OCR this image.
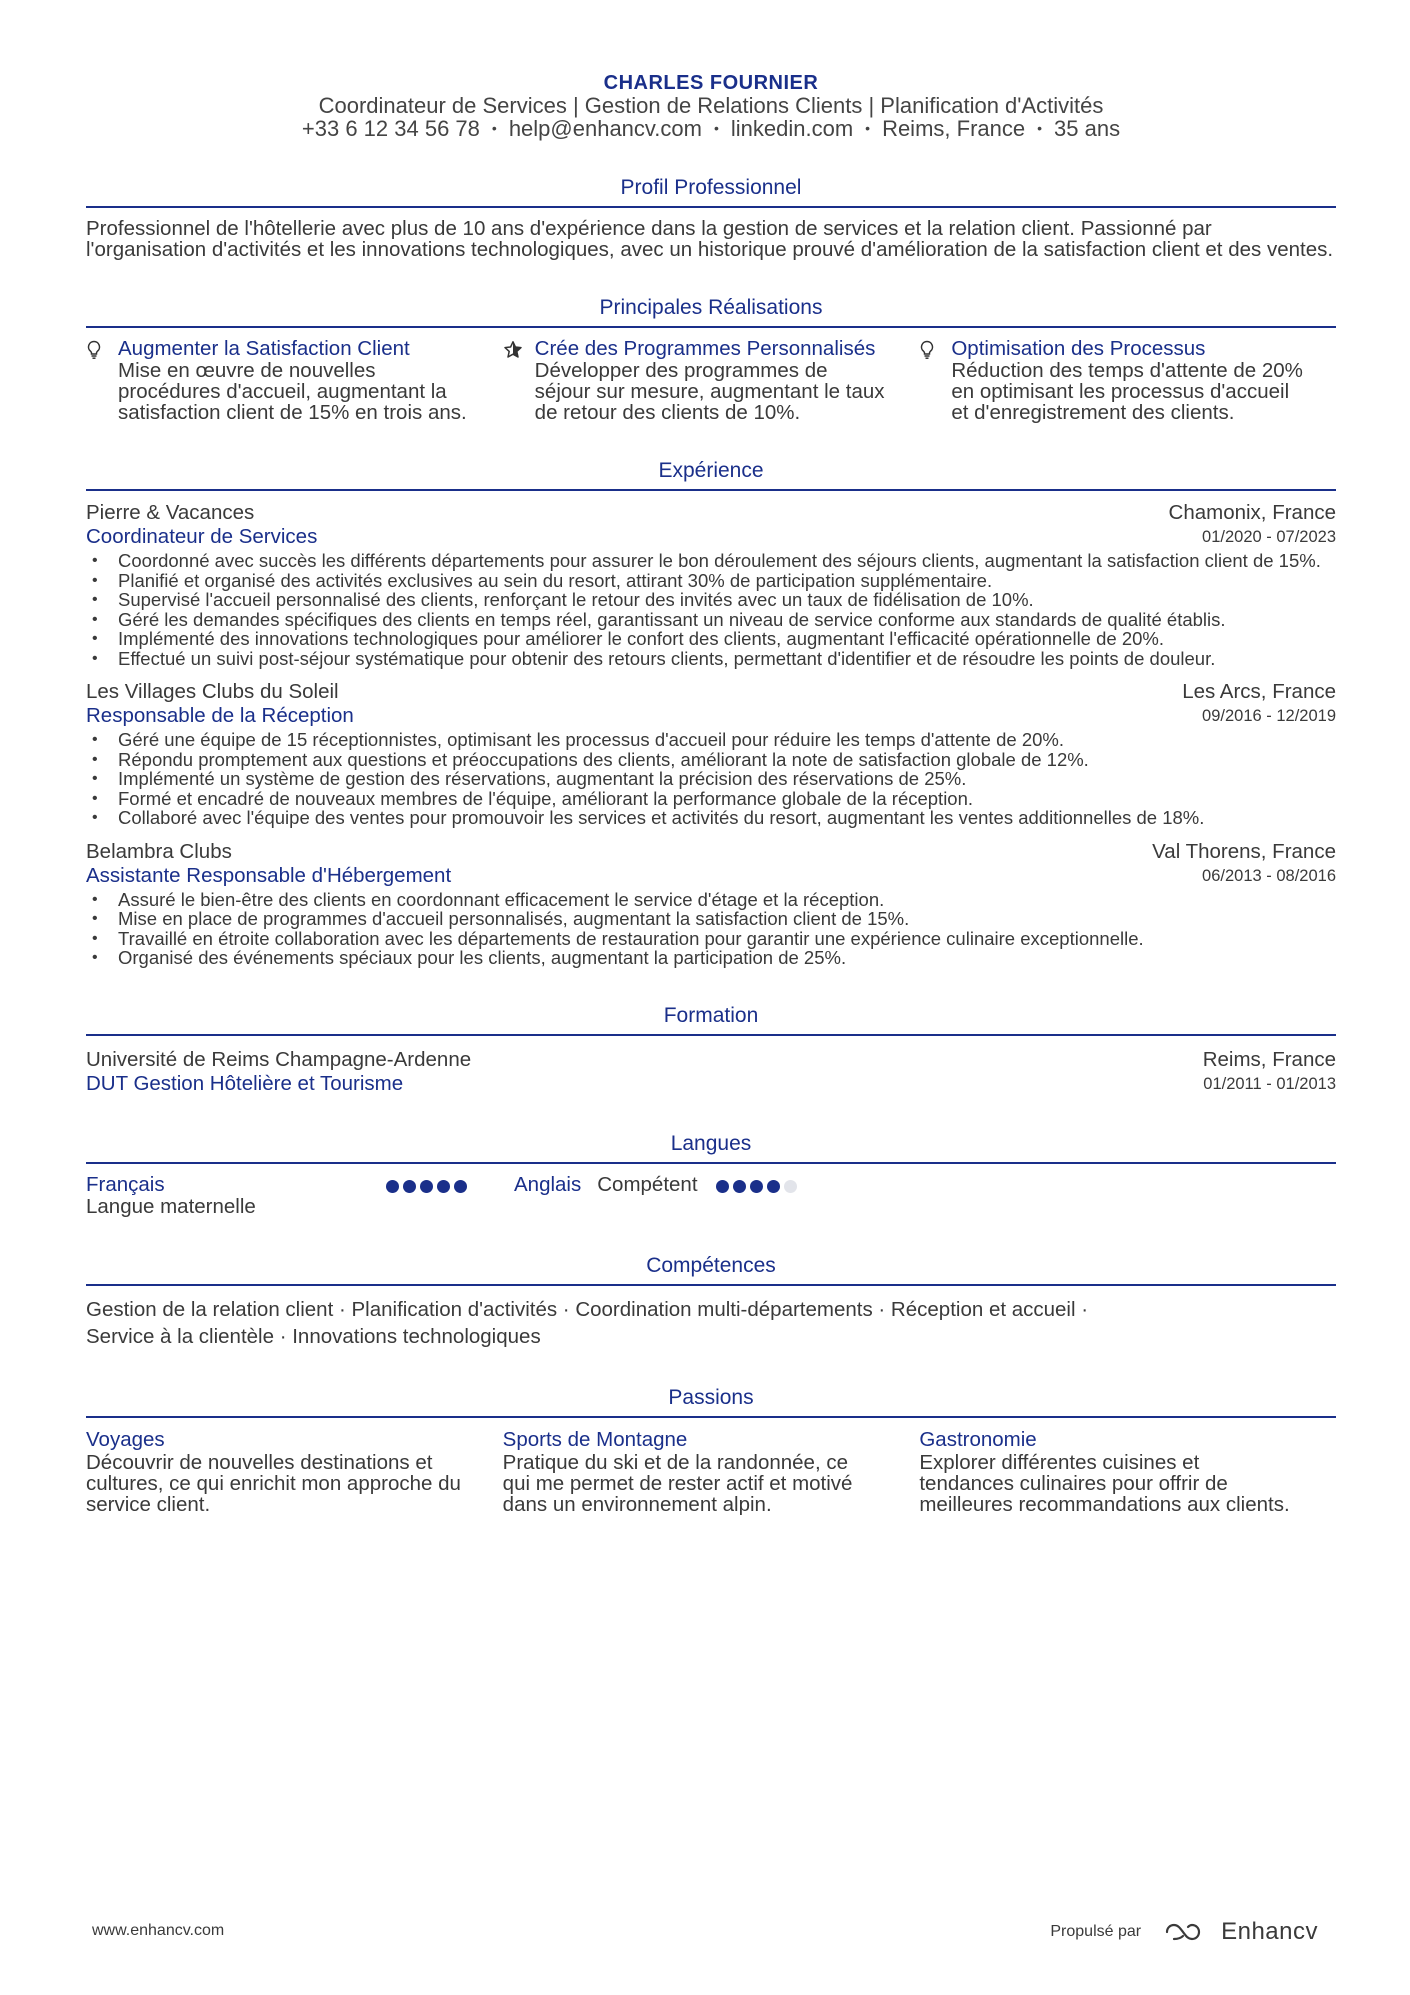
CHARLES FOURNIER
Coordinateur de Services | Gestion de Relations Clients | Planification d'Activités
+33 6 12 34 56 78 • help@enhancv.com • linkedin.com • Reims, France • 35 ans
Profil Professionnel
Professionnel de l'hôtellerie avec plus de 10 ans d'expérience dans la gestion de services et la relation client. Passionné par l'organisation d'activités et les innovations technologiques, avec un historique prouvé d'amélioration de la satisfaction client et des ventes.
Principales Réalisations
Augmenter la Satisfaction Client
Mise en œuvre de nouvelles procédures d'accueil, augmentant la satisfaction client de 15% en trois ans.
Crée des Programmes Personnalisés
Développer des programmes de séjour sur mesure, augmentant le taux de retour des clients de 10%.
Optimisation des Processus
Réduction des temps d'attente de 20% en optimisant les processus d'accueil et d'enregistrement des clients.
Expérience
Pierre & Vacances	Chamonix, France
Coordinateur de Services	01/2020 - 07/2023
• Coordonné avec succès les différents départements pour assurer le bon déroulement des séjours clients, augmentant la satisfaction client de 15%.
• Planifié et organisé des activités exclusives au sein du resort, attirant 30% de participation supplémentaire.
• Supervisé l'accueil personnalisé des clients, renforçant le retour des invités avec un taux de fidélisation de 10%.
• Géré les demandes spécifiques des clients en temps réel, garantissant un niveau de service conforme aux standards de qualité établis.
• Implémenté des innovations technologiques pour améliorer le confort des clients, augmentant l'efficacité opérationnelle de 20%.
• Effectué un suivi post-séjour systématique pour obtenir des retours clients, permettant d'identifier et de résoudre les points de douleur.
Les Villages Clubs du Soleil	Les Arcs, France
Responsable de la Réception	09/2016 - 12/2019
• Géré une équipe de 15 réceptionnistes, optimisant les processus d'accueil pour réduire les temps d'attente de 20%.
• Répondu promptement aux questions et préoccupations des clients, améliorant la note de satisfaction globale de 12%.
• Implémenté un système de gestion des réservations, augmentant la précision des réservations de 25%.
• Formé et encadré de nouveaux membres de l'équipe, améliorant la performance globale de la réception.
• Collaboré avec l'équipe des ventes pour promouvoir les services et activités du resort, augmentant les ventes additionnelles de 18%.
Belambra Clubs	Val Thorens, France
Assistante Responsable d'Hébergement	06/2013 - 08/2016
• Assuré le bien-être des clients en coordonnant efficacement le service d'étage et la réception.
• Mise en place de programmes d'accueil personnalisés, augmentant la satisfaction client de 15%.
• Travaillé en étroite collaboration avec les départements de restauration pour garantir une expérience culinaire exceptionnelle.
• Organisé des événements spéciaux pour les clients, augmentant la participation de 25%.
Formation
Université de Reims Champagne-Ardenne	Reims, France
DUT Gestion Hôtelière et Tourisme	01/2011 - 01/2013
Langues
Français
Langue maternelle
Anglais Compétent
Compétences
Gestion de la relation client · Planification d'activités · Coordination multi-départements · Réception et accueil ·
Service à la clientèle · Innovations technologiques
Passions
Voyages
Découvrir de nouvelles destinations et cultures, ce qui enrichit mon approche du service client.
Sports de Montagne
Pratique du ski et de la randonnée, ce qui me permet de rester actif et motivé dans un environnement alpin.
Gastronomie
Explorer différentes cuisines et tendances culinaires pour offrir de meilleures recommandations aux clients.
www.enhancv.com	Propulsé par	Enhancv
